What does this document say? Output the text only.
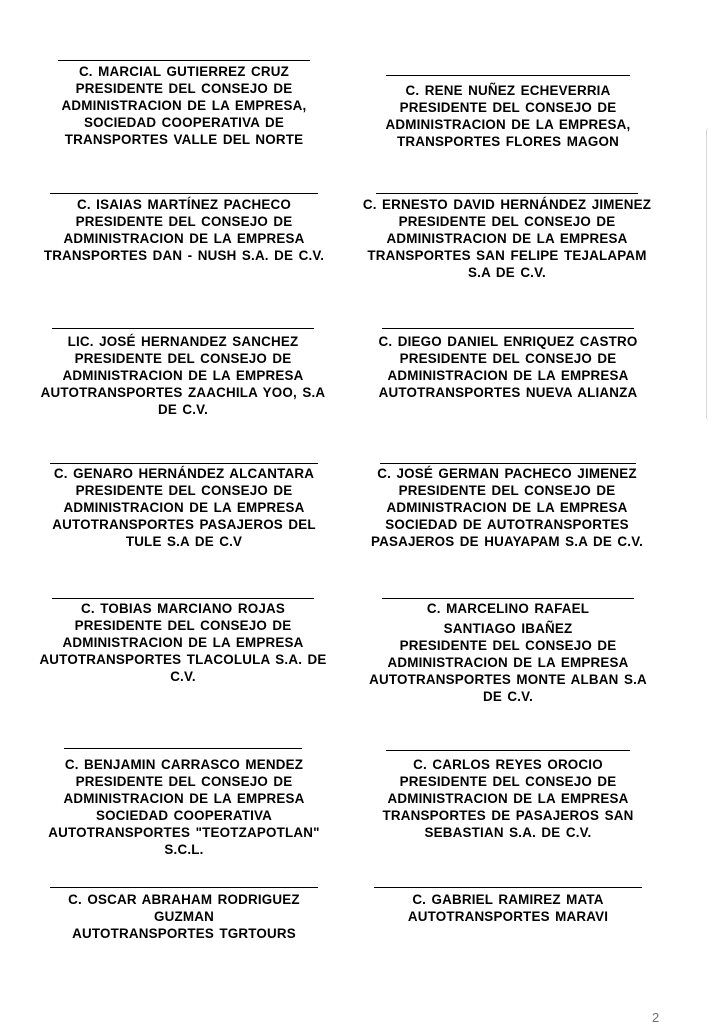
C. MARCIAL GUTIERREZ CRUZ
PRESIDENTE DEL CONSEJO DE
ADMINISTRACION DE LA EMPRESA,
SOCIEDAD COOPERATIVA DE
TRANSPORTES VALLE DEL NORTE
C. RENE NUÑEZ ECHEVERRIA
PRESIDENTE DEL CONSEJO DE
ADMINISTRACION DE LA EMPRESA,
TRANSPORTES FLORES MAGON
C. ISAIAS MARTÍNEZ PACHECO
PRESIDENTE DEL CONSEJO DE
ADMINISTRACION DE LA EMPRESA
TRANSPORTES DAN - NUSH S.A. DE C.V.
C. ERNESTO DAVID HERNÁNDEZ JIMENEZ
PRESIDENTE DEL CONSEJO DE
ADMINISTRACION DE LA EMPRESA
TRANSPORTES SAN FELIPE TEJALAPAM
S.A DE C.V.
LIC. JOSÉ HERNANDEZ SANCHEZ
PRESIDENTE DEL CONSEJO DE
ADMINISTRACION DE LA EMPRESA
AUTOTRANSPORTES ZAACHILA YOO, S.A
DE C.V.
C. DIEGO DANIEL ENRIQUEZ CASTRO
PRESIDENTE DEL CONSEJO DE
ADMINISTRACION DE LA EMPRESA
AUTOTRANSPORTES NUEVA ALIANZA
C. GENARO HERNÁNDEZ ALCANTARA
PRESIDENTE DEL CONSEJO DE
ADMINISTRACION DE LA EMPRESA
AUTOTRANSPORTES PASAJEROS DEL
TULE S.A DE C.V
C. JOSÉ GERMAN PACHECO JIMENEZ
PRESIDENTE DEL CONSEJO DE
ADMINISTRACION DE LA EMPRESA
SOCIEDAD DE AUTOTRANSPORTES
PASAJEROS DE HUAYAPAM S.A DE C.V.
C. TOBIAS MARCIANO ROJAS
PRESIDENTE DEL CONSEJO DE
ADMINISTRACION DE LA EMPRESA
AUTOTRANSPORTES TLACOLULA S.A. DE
C.V.
C. MARCELINO RAFAEL
SANTIAGO IBAÑEZ
PRESIDENTE DEL CONSEJO DE
ADMINISTRACION DE LA EMPRESA
AUTOTRANSPORTES MONTE ALBAN S.A
DE C.V.
C. BENJAMIN CARRASCO MENDEZ
PRESIDENTE DEL CONSEJO DE
ADMINISTRACION DE LA EMPRESA
SOCIEDAD COOPERATIVA
AUTOTRANSPORTES "TEOTZAPOTLAN"
S.C.L.
C. CARLOS REYES OROCIO
PRESIDENTE DEL CONSEJO DE
ADMINISTRACION DE LA EMPRESA
TRANSPORTES DE PASAJEROS SAN
SEBASTIAN S.A. DE C.V.
C. OSCAR ABRAHAM RODRIGUEZ
GUZMAN
AUTOTRANSPORTES TGRTOURS
C. GABRIEL RAMIREZ MATA
AUTOTRANSPORTES MARAVI
2
